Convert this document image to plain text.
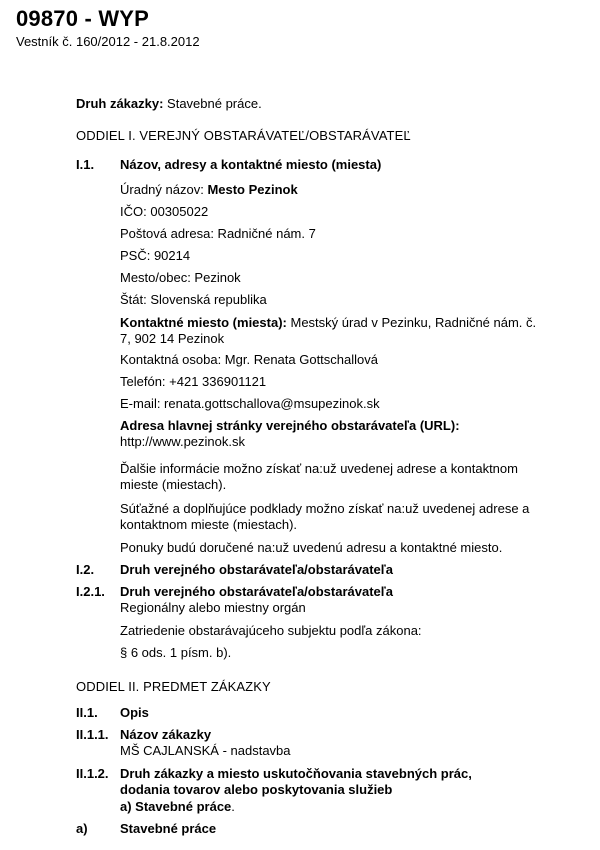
09870 - WYP
Vestník č. 160/2012 - 21.8.2012
Druh zákazky: Stavebné práce.
ODDIEL I. VEREJNÝ OBSTARÁVATEĽ/OBSTARÁVATEĽ
I.1. Názov, adresy a kontaktné miesto (miesta)
Úradný názov: Mesto Pezinok
IČO: 00305022
Poštová adresa: Radničné nám. 7
PSČ: 90214
Mesto/obec: Pezinok
Štát: Slovenská republika
Kontaktné miesto (miesta): Mestský úrad v Pezinku, Radničné nám. č. 7, 902 14 Pezinok
Kontaktná osoba: Mgr. Renata Gottschallová
Telefón: +421 336901121
E-mail: renata.gottschallova@msupezinok.sk
Adresa hlavnej stránky verejného obstarávateľa (URL):
http://www.pezinok.sk
Ďalšie informácie možno získať na:už uvedenej adrese a kontaktnom mieste (miestach).
Súťažné a doplňujúce podklady možno získať na:už uvedenej adrese a kontaktnom mieste (miestach).
Ponuky budú doručené na:už uvedenú adresu a kontaktné miesto.
I.2. Druh verejného obstarávateľa/obstarávateľa
I.2.1. Druh verejného obstarávateľa/obstarávateľa
Regionálny alebo miestny orgán
Zatriedenie obstarávajúceho subjektu podľa zákona:
§ 6 ods. 1 písm. b).
ODDIEL II. PREDMET ZÁKAZKY
II.1. Opis
II.1.1. Názov zákazky
MŠ CAJLANSKÁ - nadstavba
II.1.2. Druh zákazky a miesto uskutočňovania stavebných prác,
dodania tovarov alebo poskytovania služieb
a) Stavebné práce.
a) Stavebné práce
